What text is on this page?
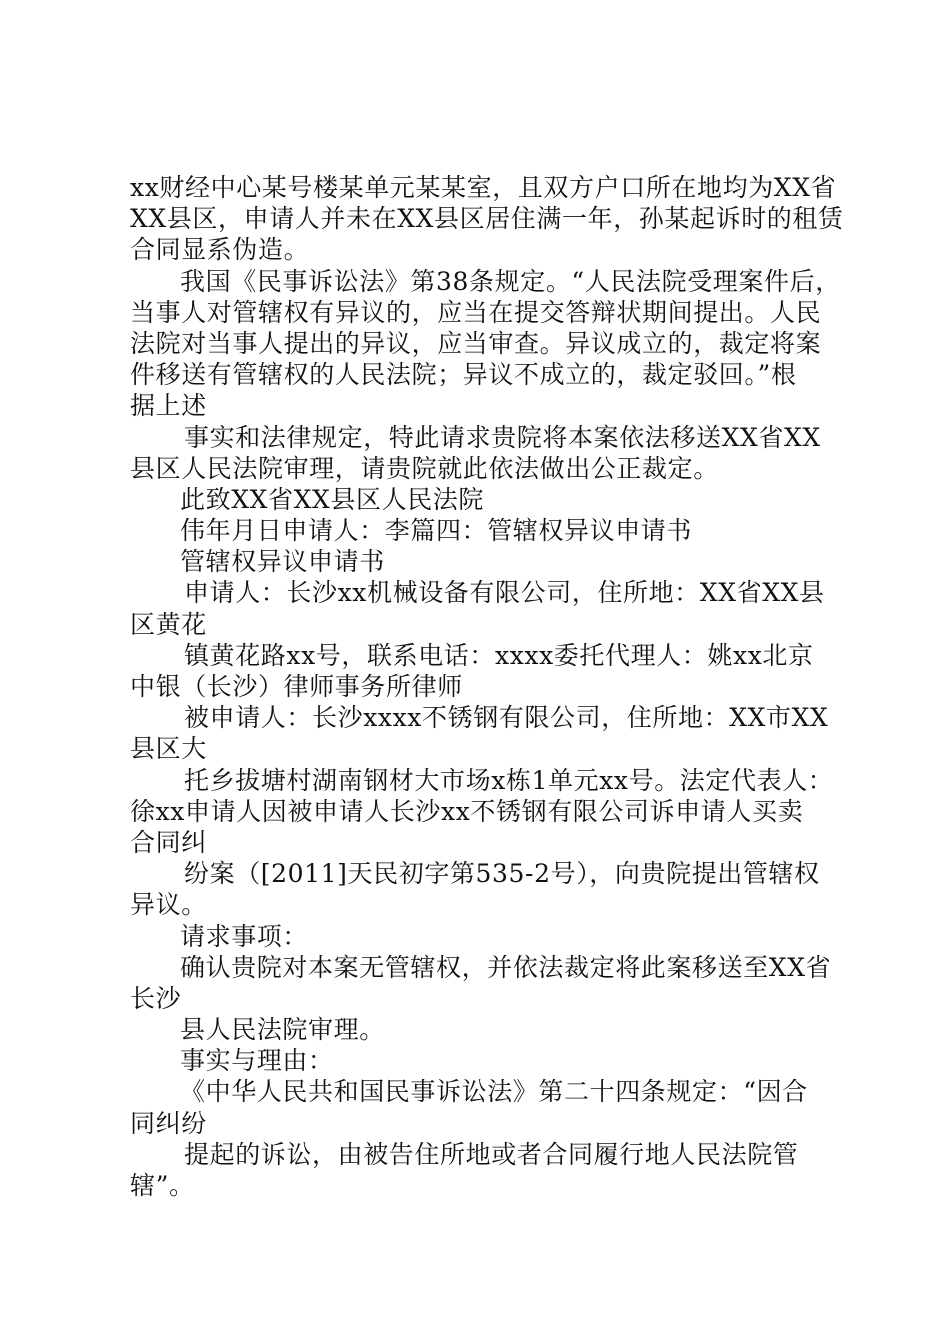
xx财经中心某号楼某单元某某室，且双方户口所在地均为XX省
XX县区，申请人并未在XX县区居住满一年，孙某起诉时的租赁
合同显系伪造。
我国《民事诉讼法》第38条规定。“人民法院受理案件后，
当事人对管辖权有异议的，应当在提交答辩状期间提出。人民
法院对当事人提出的异议，应当审查。异议成立的，裁定将案
件移送有管辖权的人民法院；异议不成立的，裁定驳回。”根
据上述
事实和法律规定，特此请求贵院将本案依法移送XX省XX
县区人民法院审理，请贵院就此依法做出公正裁定。
此致XX省XX县区人民法院
伟年月日申请人：李篇四：管辖权异议申请书
管辖权异议申请书
申请人：长沙xx机械设备有限公司，住所地：XX省XX县
区黄花
镇黄花路xx号，联系电话：xxxx委托代理人：姚xx北京
中银（长沙）律师事务所律师
被申请人：长沙xxxx不锈钢有限公司，住所地：XX市XX
县区大
托乡拔塘村湖南钢材大市场x栋1单元xx号。法定代表人：
徐xx申请人因被申请人长沙xx不锈钢有限公司诉申请人买卖
合同纠
纷案（[2011]天民初字第535-2号），向贵院提出管辖权
异议。
请求事项：
确认贵院对本案无管辖权，并依法裁定将此案移送至XX省
长沙
县人民法院审理。
事实与理由：
《中华人民共和国民事诉讼法》第二十四条规定：“因合
同纠纷
提起的诉讼，由被告住所地或者合同履行地人民法院管
辖”。
